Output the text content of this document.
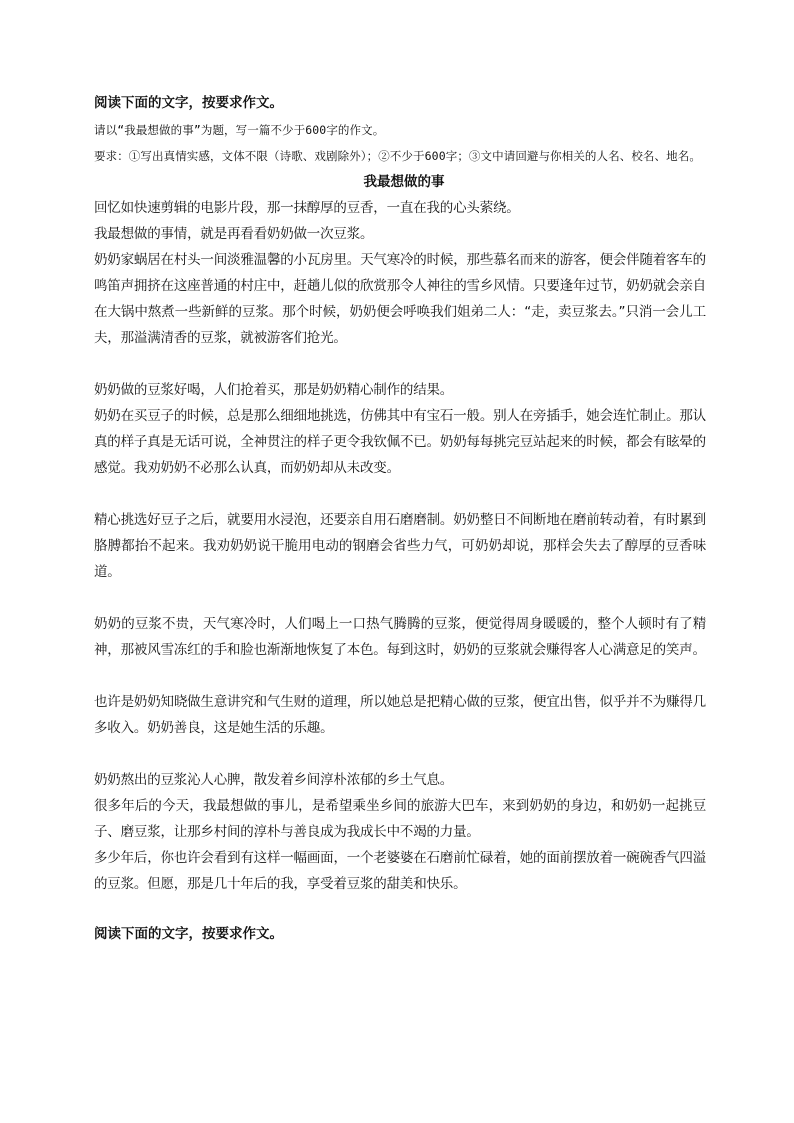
阅读下面的文字，按要求作文。

请以“我最想做的事”为题，写一篇不少于600字的作文。

要求：①写出真情实感，文体不限（诗歌、戏剧除外）；②不少于600字；③文中请回避与你相关的人名、校名、地名。

我最想做的事

回忆如快速剪辑的电影片段，那一抹醇厚的豆香，一直在我的心头萦绕。

我最想做的事情，就是再看看奶奶做一次豆浆。

奶奶家蜗居在村头一间淡雅温馨的小瓦房里。天气寒冷的时候，那些慕名而来的游客，便会伴随着客车的鸣笛声拥挤在这座普通的村庄中，赶趟儿似的欣赏那令人神往的雪乡风情。只要逢年过节，奶奶就会亲自在大锅中熬煮一些新鲜的豆浆。那个时候，奶奶便会呼唤我们姐弟二人：“走，卖豆浆去。”只消一会儿工夫，那溢满清香的豆浆，就被游客们抢光。

奶奶做的豆浆好喝，人们抢着买，那是奶奶精心制作的结果。

奶奶在买豆子的时候，总是那么细细地挑选，仿佛其中有宝石一般。别人在旁插手，她会连忙制止。那认真的样子真是无话可说，全神贯注的样子更令我钦佩不已。奶奶每每挑完豆站起来的时候，都会有眩晕的感觉。我劝奶奶不必那么认真，而奶奶却从未改变。

精心挑选好豆子之后，就要用水浸泡，还要亲自用石磨磨制。奶奶整日不间断地在磨前转动着，有时累到胳膊都抬不起来。我劝奶奶说干脆用电动的钢磨会省些力气，可奶奶却说，那样会失去了醇厚的豆香味道。

奶奶的豆浆不贵，天气寒冷时，人们喝上一口热气腾腾的豆浆，便觉得周身暖暖的，整个人顿时有了精神，那被风雪冻红的手和脸也渐渐地恢复了本色。每到这时，奶奶的豆浆就会赚得客人心满意足的笑声。

也许是奶奶知晓做生意讲究和气生财的道理，所以她总是把精心做的豆浆，便宜出售，似乎并不为赚得几多收入。奶奶善良，这是她生活的乐趣。

奶奶熬出的豆浆沁人心脾，散发着乡间淳朴浓郁的乡土气息。

很多年后的今天，我最想做的事儿，是希望乘坐乡间的旅游大巴车，来到奶奶的身边，和奶奶一起挑豆子、磨豆浆，让那乡村间的淳朴与善良成为我成长中不竭的力量。

多少年后，你也许会看到有这样一幅画面，一个老婆婆在石磨前忙碌着，她的面前摆放着一碗碗香气四溢的豆浆。但愿，那是几十年后的我，享受着豆浆的甜美和快乐。

阅读下面的文字，按要求作文。
